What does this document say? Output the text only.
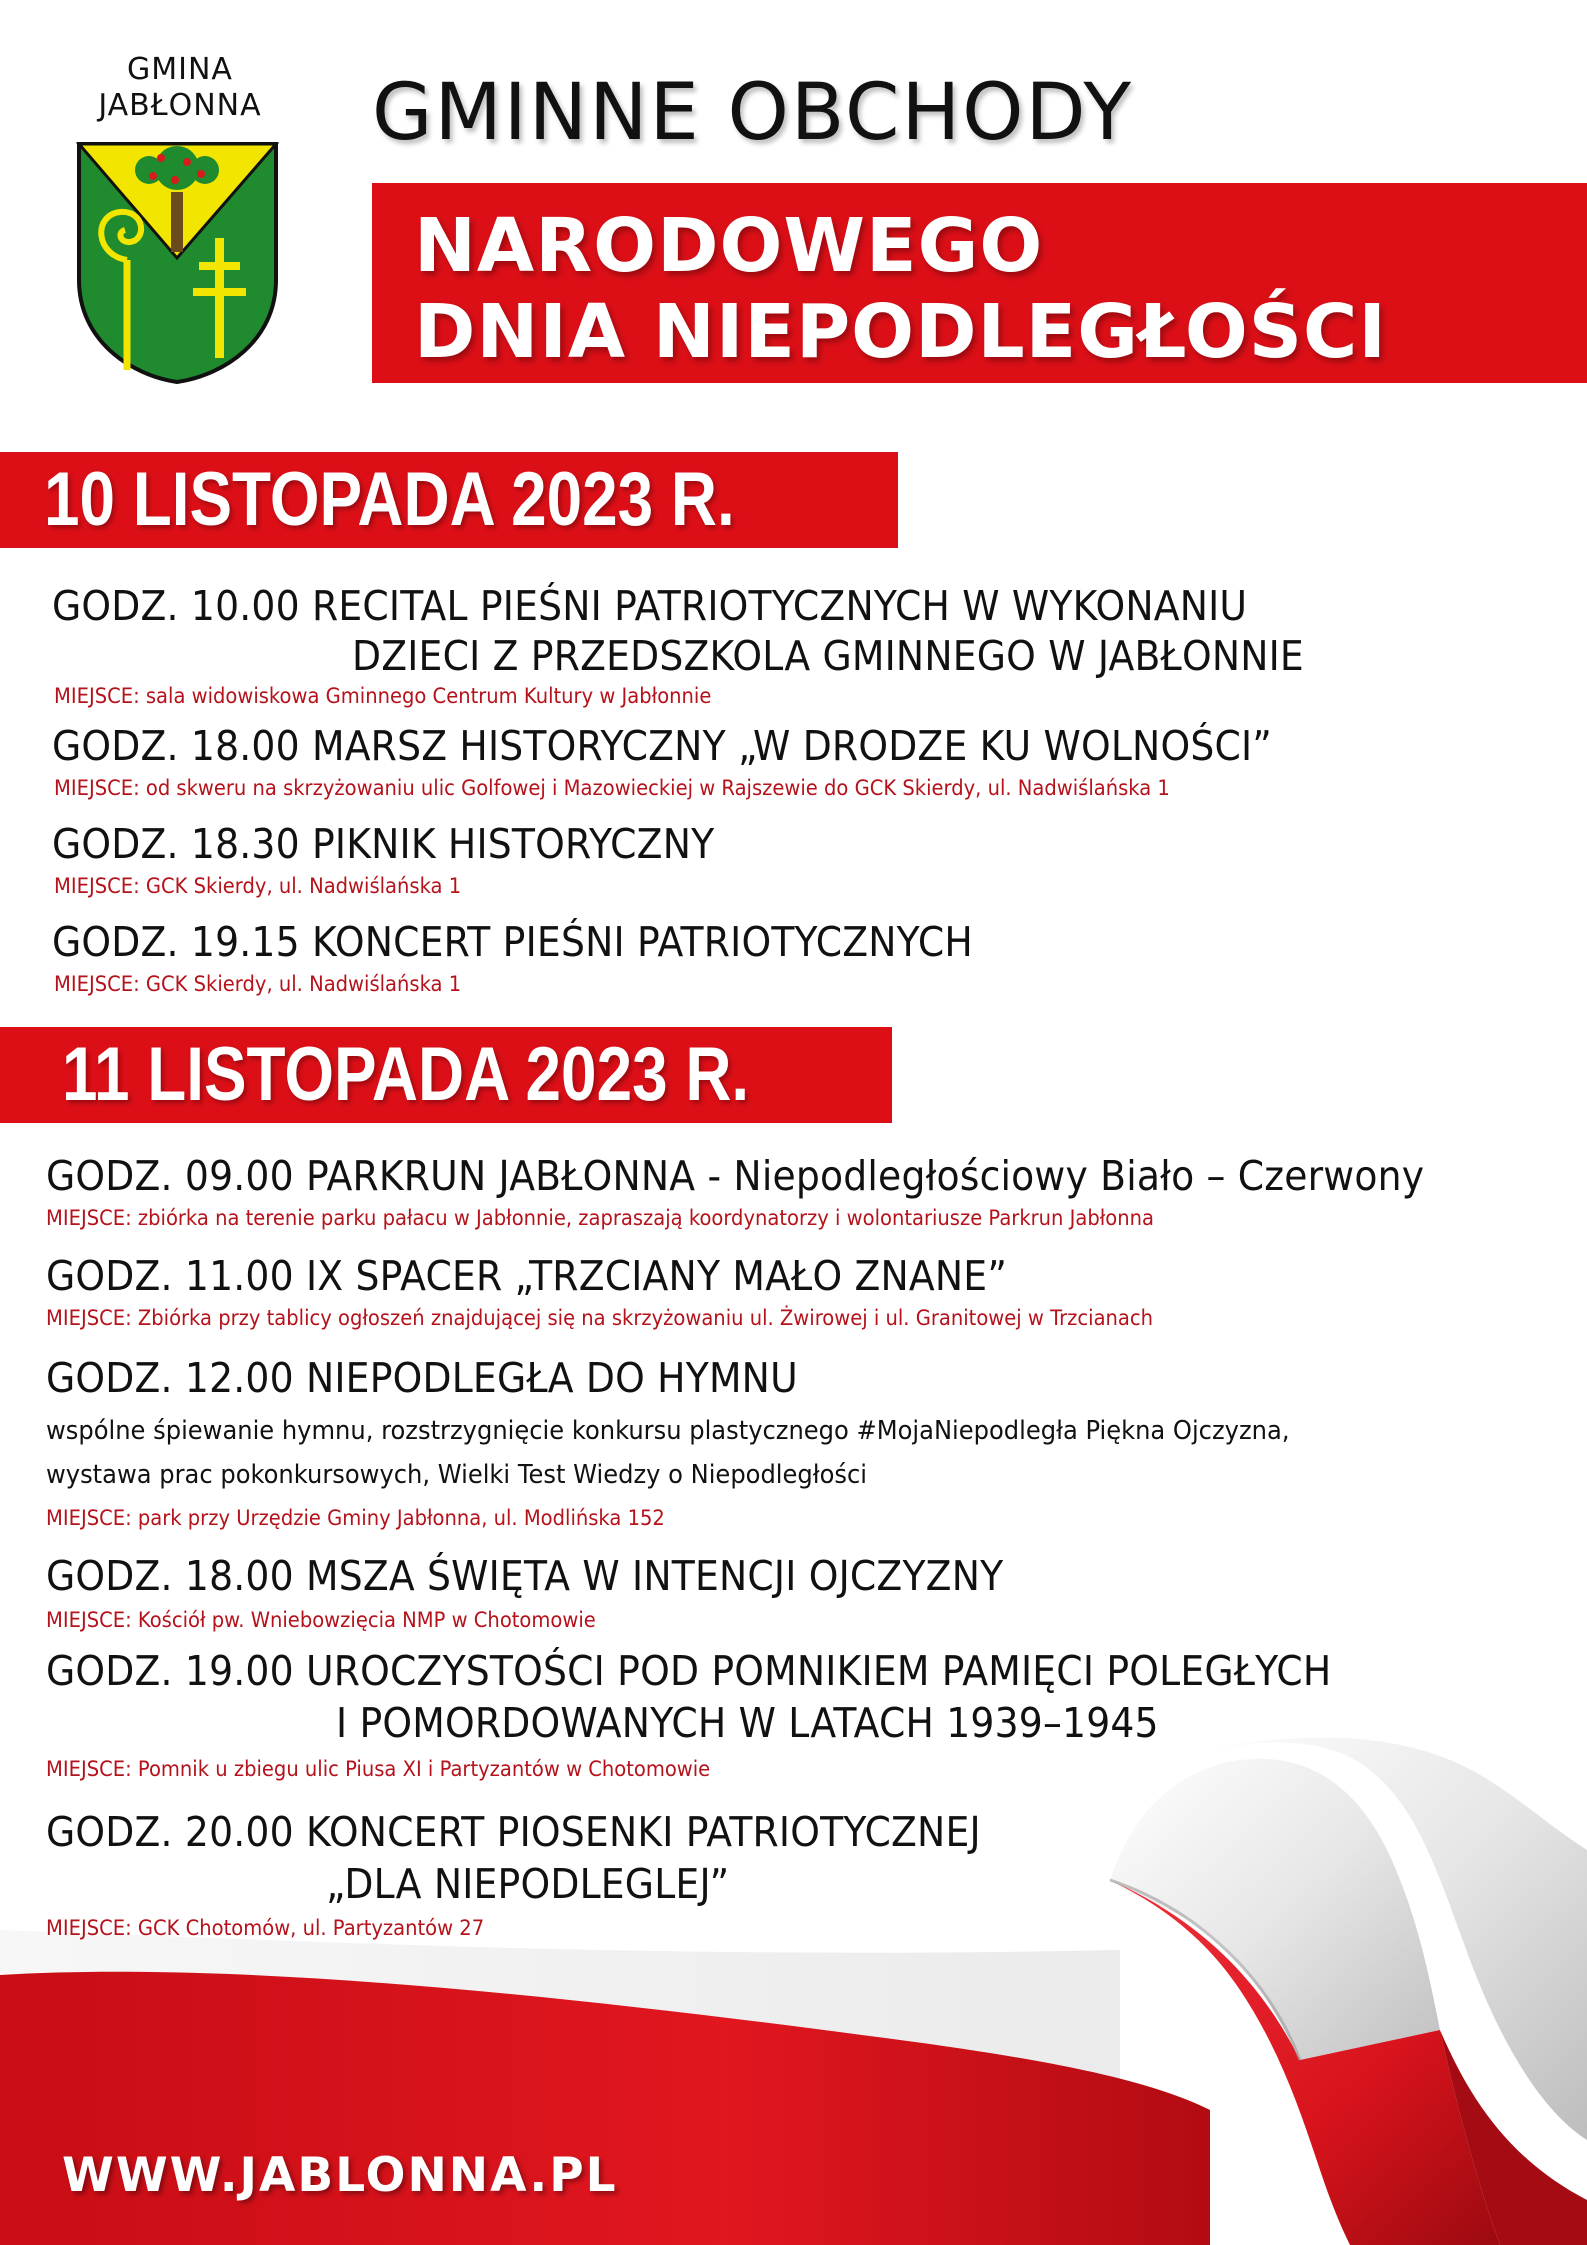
GMINA
JABŁONNA	GMINNE OBCHODY
NARODOWEGO
DNIA NIEPODLEGŁOŚCI
10 LISTOPADA 2023 R.
GODZ. 10.00 RECITAL PIEŚNI PATRIOTYCZNYCH W WYKONANIU
DZIECI Z PRZEDSZKOLA GMINNEGO W JABŁONNIE
MIEJSCE: sala widowiskowa Gminnego Centrum Kultury w Jabłonnie
GODZ. 18.00 MARSZ HISTORYCZNY „W DRODZE KU WOLNOŚCI”
MIEJSCE: od skweru na skrzyżowaniu ulic Golfowej i Mazowieckiej w Rajszewie do GCK Skierdy, ul. Nadwiślańska 1
GODZ. 18.30 PIKNIK HISTORYCZNY
MIEJSCE: GCK Skierdy, ul. Nadwiślańska 1
GODZ. 19.15 KONCERT PIEŚNI PATRIOTYCZNYCH
MIEJSCE: GCK Skierdy, ul. Nadwiślańska 1
11 LISTOPADA 2023 R.
GODZ. 09.00 PARKRUN JABŁONNA - Niepodległościowy Biało – Czerwony
MIEJSCE: zbiórka na terenie parku pałacu w Jabłonnie, zapraszają koordynatorzy i wolontariusze Parkrun Jabłonna
GODZ. 11.00 IX SPACER „TRZCIANY MAŁO ZNANE”
MIEJSCE: Zbiórka przy tablicy ogłoszeń znajdującej się na skrzyżowaniu ul. Żwirowej i ul. Granitowej w Trzcianach
GODZ. 12.00 NIEPODLEGŁA DO HYMNU
wspólne śpiewanie hymnu, rozstrzygnięcie konkursu plastycznego #MojaNiepodległa Piękna Ojczyzna,
wystawa prac pokonkursowych, Wielki Test Wiedzy o Niepodległości
MIEJSCE: park przy Urzędzie Gminy Jabłonna, ul. Modlińska 152
GODZ. 18.00 MSZA ŚWIĘTA W INTENCJI OJCZYZNY
MIEJSCE: Kościół pw. Wniebowzięcia NMP w Chotomowie
GODZ. 19.00 UROCZYSTOŚCI POD POMNIKIEM PAMIĘCI POLEGŁYCH
I POMORDOWANYCH W LATACH 1939–1945
MIEJSCE: Pomnik u zbiegu ulic Piusa XI i Partyzantów w Chotomowie
GODZ. 20.00 KONCERT PIOSENKI PATRIOTYCZNEJ
„DLA NIEPODLEGLEJ”
MIEJSCE: GCK Chotomów, ul. Partyzantów 27
WWW.JABLONNA.PL
